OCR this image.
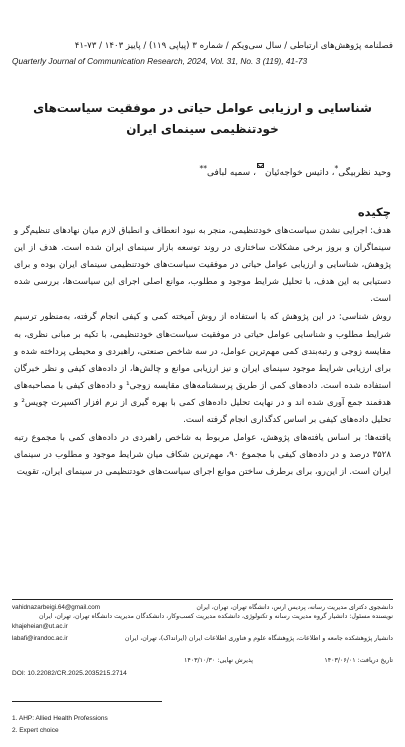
فصلنامه پژوهش‌های ارتباطی / سال سی‌ویکم / شماره ۳ (پیاپی ۱۱۹) / پاییز ۱۴۰۳ / ۷۳-۴۱
Quarterly Journal of Communication Research, 2024, Vol. 31, No. 3 (119), 41-73
شناسایی و ارزیابی عوامل حیاتی در موفقیت سیاست‌های
خودتنظیمی سینمای ایران
وحید نظربیگی*، داتیس خواجه‌ئیان، سمیه لبافی**
چکیده

هدف: اجرایی نشدن سیاست‌های خودتنظیمی، منجر به نبود انعطاف و انطباق لازم میان نهادهای تنظیم‌گر و سینماگران و بروز برخی مشکلات ساختاری در روند توسعه بازار سینمای ایران شده است. هدف از این پژوهش، شناسایی و ارزیابی عوامل حیاتی در موفقیت سیاست‌های خودتنظیمی سینمای ایران بوده و برای دستیابی به این هدف، با تحلیل شرایط موجود و مطلوب، موانع اصلی اجرای این سیاست‌ها، بررسی شده است.

روش شناسی: در این پژوهش که با استفاده از روش آمیخته کمی و کیفی انجام گرفته، به‌منظور ترسیم شرایط مطلوب و شناسایی عوامل حیاتی در موفقیت سیاست‌های خودتنظیمی، با تکیه بر مبانی نظری، به مقایسه زوجی و رتبه‌بندی کمی مهم‌ترین عوامل، در سه شاخص صنعتی، راهبردی و محیطی پرداخته شده و برای ارزیابی شرایط موجود سینمای ایران و نیز ارزیابی موانع و چالش‌ها، از داده‌های کیفی و نظر خبرگان استفاده شده است. داده‌های کمی از طریق پرسشنامه‌های مقایسه زوجی¹ و داده‌های کیفی با مصاحبه‌های هدفمند جمع آوری شده اند و در نهایت تحلیل داده‌های کمی با بهره گیری از نرم افزار اکسپرت چویس² و تحلیل داده‌های کیفی بر اساس کدگذاری انجام گرفته است.

یافته‌ها: بر اساس یافته‌های پژوهش، عوامل مربوط به شاخص راهبردی در داده‌های کمی با مجموع رتبه ۳۵۲۸ درصد و در داده‌های کیفی با مجموع ۹۰، مهم‌ترین شکاف میان شرایط موجود و مطلوب در سینمای ایران است. از این‌رو، برای برطرف ساختن موانع اجرای سیاست‌های خودتنظیمی در سینمای ایران، تقویت

دانشجوی دکترای مدیریت رسانه، پردیس ارس، دانشگاه تهران، تهران، ایران
vahidnazarbeigi.64@gmail.com
نویسنده مسئول: دانشیار گروه مدیریت رسانه و تکنولوژی، دانشکده مدیریت کسب‌وکار، دانشکدگان مدیریت دانشگاه تهران، تهران، ایران
khajeheian@ut.ac.ir
دانشیار پژوهشکده جامعه و اطلاعات، پژوهشگاه علوم و فناوری اطلاعات ایران (ایرانداک)، تهران، ایران
labafi@irandoc.ac.ir
تاریخ دریافت: ۱۴۰۳/۰۶/۰۱
پذیرش نهایی: ۱۴۰۳/۱۰/۳۰
DOI: 10.22082/CR.2025.2035215.2714
1. AHP: Allied Health Professions
2. Expert choice
